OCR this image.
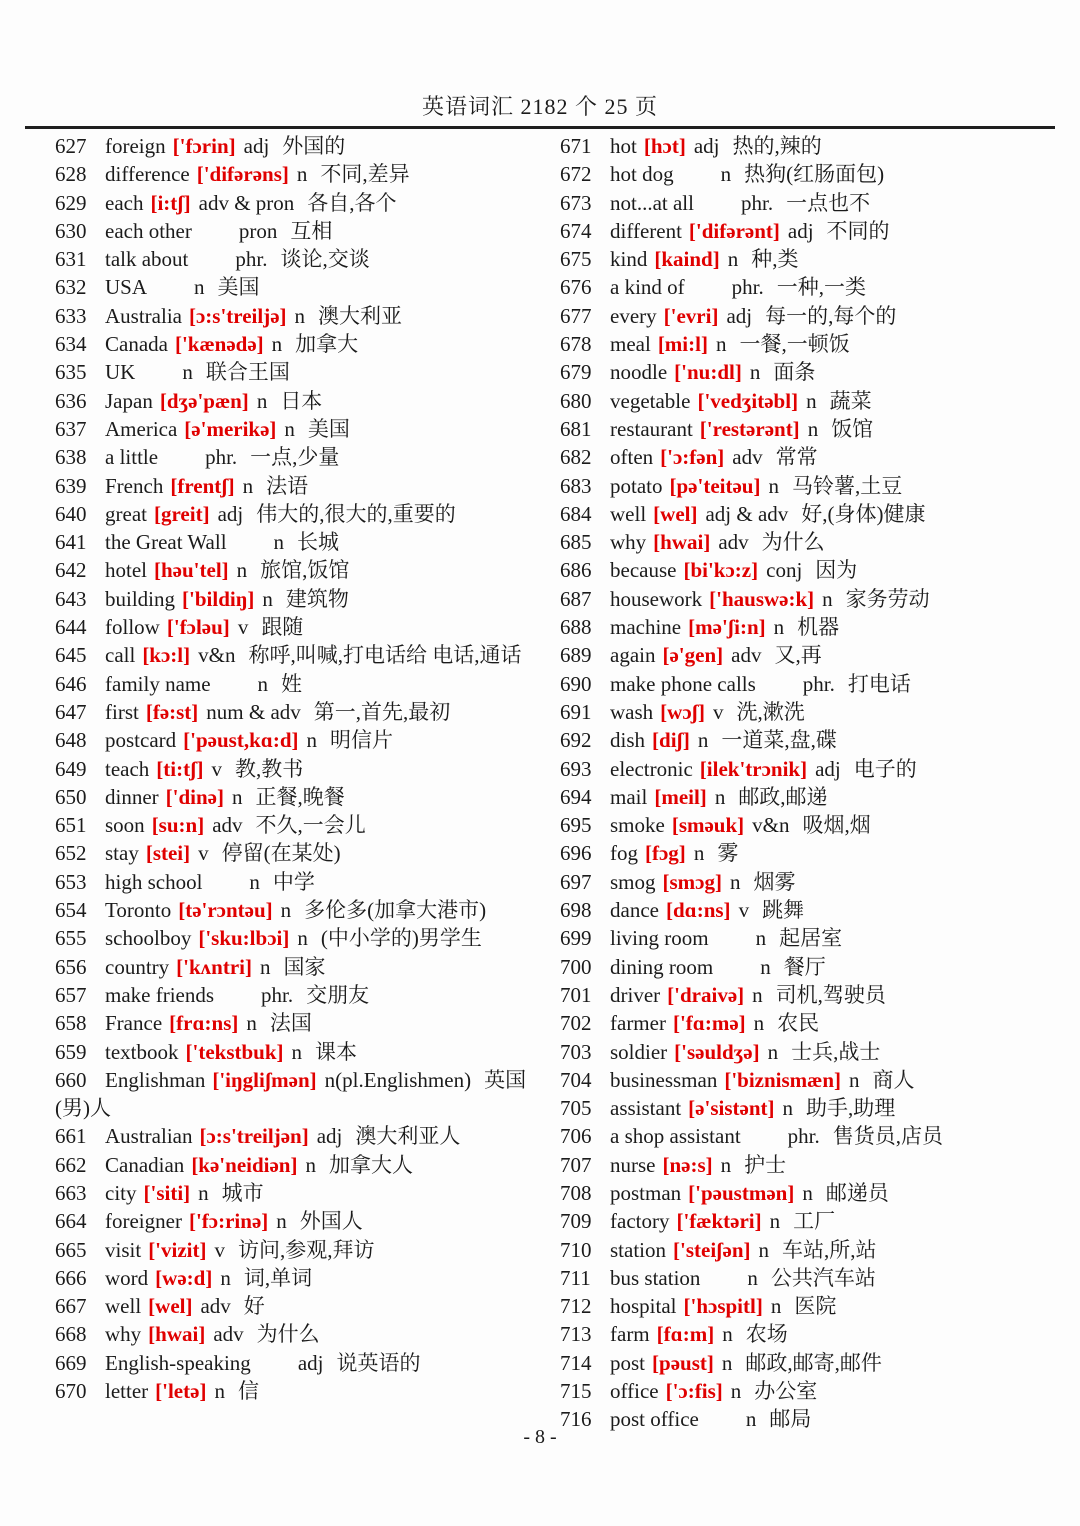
英语词汇 2182 个 25 页
627 foreign ['fɔrin] adj 外国的
628 difference ['difərəns] n 不同,差异
629 each [i:tʃ] adv & pron 各自,各个
630 each other pron 互相
631 talk about phr. 谈论,交谈
632 USA n 美国
633 Australia [ɔ:s'treiljə] n 澳大利亚
634 Canada ['kænədə] n 加拿大
635 UK n 联合王国
636 Japan [dʒə'pæn] n 日本
637 America [ə'merikə] n 美国
638 a little phr. 一点,少量
639 French [frentʃ] n 法语
640 great [greit] adj 伟大的,很大的,重要的
641 the Great Wall n 长城
642 hotel [həu'tel] n 旅馆,饭馆
643 building ['bildiŋ] n 建筑物
644 follow ['fɔləu] v 跟随
645 call [kɔ:l] v&n 称呼,叫喊,打电话给 电话,通话
646 family name n 姓
647 first [fə:st] num & adv 第一,首先,最初
648 postcard ['pəust,kɑ:d] n 明信片
649 teach [ti:tʃ] v 教,教书
650 dinner ['dinə] n 正餐,晚餐
651 soon [su:n] adv 不久,一会儿
652 stay [stei] v 停留(在某处)
653 high school n 中学
654 Toronto [tə'rɔntəu] n 多伦多(加拿大港市)
655 schoolboy ['sku:lbɔi] n (中小学的)男学生
656 country ['kʌntri] n 国家
657 make friends phr. 交朋友
658 France [frɑ:ns] n 法国
659 textbook ['tekstbuk] n 课本
660 Englishman ['iŋgliʃmən] n(pl.Englishmen) 英国(男)人
661 Australian [ɔ:s'treiljən] adj 澳大利亚人
662 Canadian [kə'neidiən] n 加拿大人
663 city ['siti] n 城市
664 foreigner ['fɔ:rinə] n 外国人
665 visit ['vizit] v 访问,参观,拜访
666 word [wə:d] n 词,单词
667 well [wel] adv 好
668 why [hwai] adv 为什么
669 English-speaking adj 说英语的
670 letter ['letə] n 信
671 hot [hɔt] adj 热的,辣的
672 hot dog n 热狗(红肠面包)
673 not...at all phr. 一点也不
674 different ['difərənt] adj 不同的
675 kind [kaind] n 种,类
676 a kind of phr. 一种,一类
677 every ['evri] adj 每一的,每个的
678 meal [mi:l] n 一餐,一顿饭
679 noodle ['nu:dl] n 面条
680 vegetable ['vedʒitəbl] n 蔬菜
681 restaurant ['restərənt] n 饭馆
682 often ['ɔ:fən] adv 常常
683 potato [pə'teitəu] n 马铃薯,土豆
684 well [wel] adj & adv 好,(身体)健康
685 why [hwai] adv 为什么
686 because [bi'kɔ:z] conj 因为
687 housework ['hauswə:k] n 家务劳动
688 machine [mə'ʃi:n] n 机器
689 again [ə'gen] adv 又,再
690 make phone calls phr. 打电话
691 wash [wɔʃ] v 洗,漱洗
692 dish [diʃ] n 一道菜,盘,碟
693 electronic [ilek'trɔnik] adj 电子的
694 mail [meil] n 邮政,邮递
695 smoke [sməuk] v&n 吸烟,烟
696 fog [fɔg] n 雾
697 smog [smɔg] n 烟雾
698 dance [dɑ:ns] v 跳舞
699 living room n 起居室
700 dining room n 餐厅
701 driver ['draivə] n 司机,驾驶员
702 farmer ['fɑ:mə] n 农民
703 soldier ['səuldʒə] n 士兵,战士
704 businessman ['biznismæn] n 商人
705 assistant [ə'sistənt] n 助手,助理
706 a shop assistant phr. 售货员,店员
707 nurse [nə:s] n 护士
708 postman ['pəustmən] n 邮递员
709 factory ['fæktəri] n 工厂
710 station ['steiʃən] n 车站,所,站
711 bus station n 公共汽车站
712 hospital ['hɔspitl] n 医院
713 farm [fɑ:m] n 农场
714 post [pəust] n 邮政,邮寄,邮件
715 office ['ɔ:fis] n 办公室
716 post office n 邮局
- 8 -
